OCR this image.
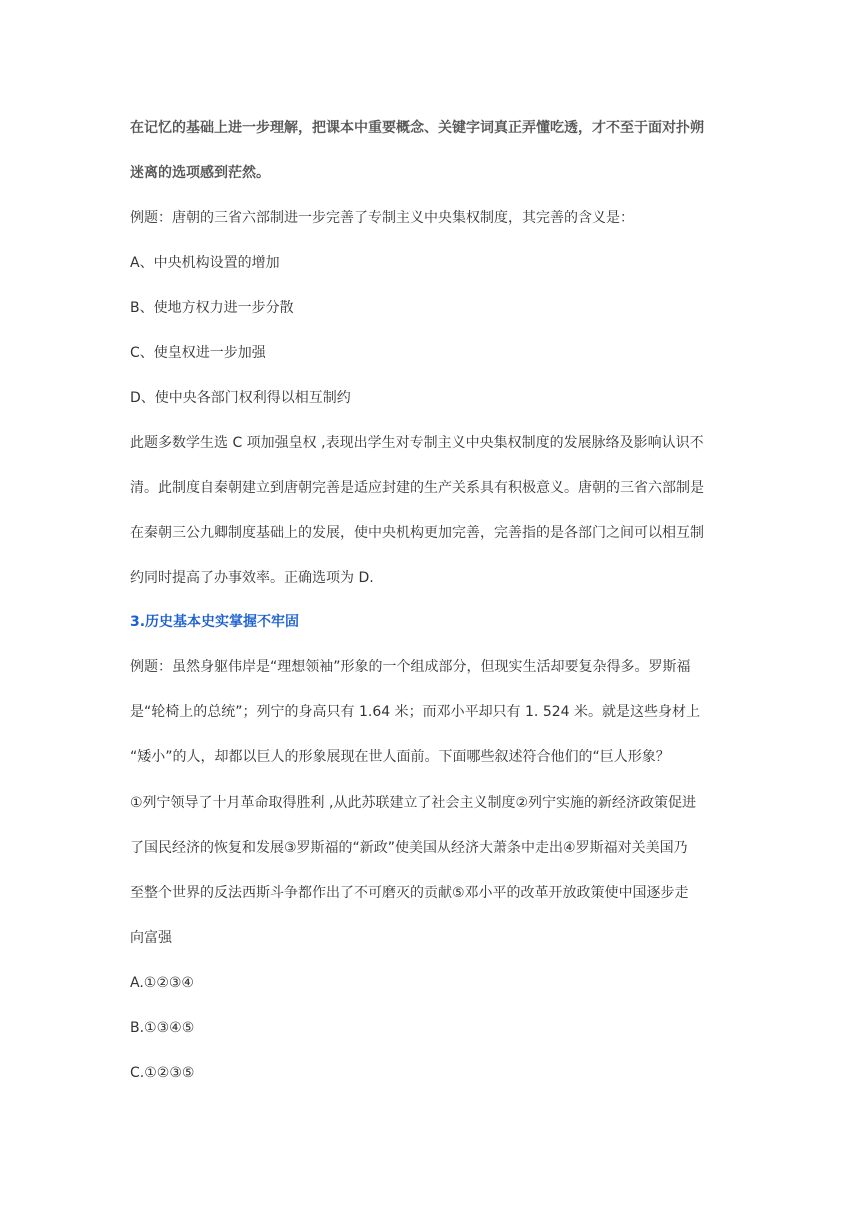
在记忆的基础上进一步理解，把课本中重要概念、关键字词真正弄懂吃透，才不至于面对扑朔
迷离的选项感到茫然。
例题：唐朝的三省六部制进一步完善了专制主义中央集权制度，其完善的含义是：
A、中央机构设置的增加
B、使地方权力进一步分散
C、使皇权进一步加强
D、使中央各部门权利得以相互制约
此题多数学生选 C 项加强皇权 ,表现出学生对专制主义中央集权制度的发展脉络及影响认识不
清。此制度自秦朝建立到唐朝完善是适应封建的生产关系具有积极意义。唐朝的三省六部制是
在秦朝三公九卿制度基础上的发展，使中央机构更加完善，完善指的是各部门之间可以相互制
约同时提高了办事效率。正确选项为 D.
3.历史基本史实掌握不牢固
例题：虽然身躯伟岸是“理想领袖”形象的一个组成部分，但现实生活却要复杂得多。罗斯福
是“轮椅上的总统”；列宁的身高只有 1.64 米；而邓小平却只有 1. 524 米。就是这些身材上
“矮小”的人，却都以巨人的形象展现在世人面前。下面哪些叙述符合他们的“巨人形象？
①列宁领导了十月革命取得胜利 ,从此苏联建立了社会主义制度②列宁实施的新经济政策促进
了国民经济的恢复和发展③罗斯福的“新政”使美国从经济大萧条中走出④罗斯福对关美国乃
至整个世界的反法西斯斗争都作出了不可磨灭的贡献⑤邓小平的改革开放政策使中国逐步走
向富强
A.①②③④
B.①③④⑤
C.①②③⑤
